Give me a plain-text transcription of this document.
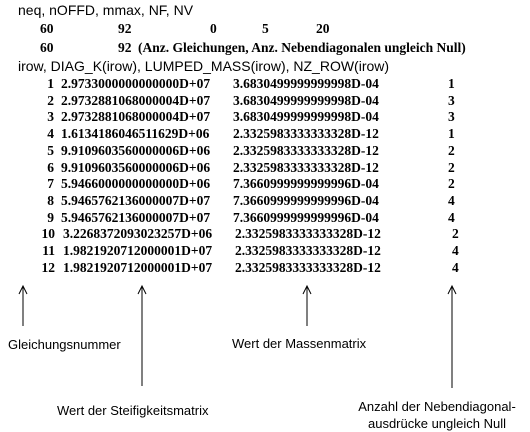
neq, nOFFD, mmax, NF, NV
60	92	0	5	20
60	92 (Anz. Gleichungen, Anz. Nebendiagonalen ungleich Null)
irow, DIAG_K(irow), LUMPED_MASS(irow), NZ_ROW(irow)
1 2.9733000000000000D+07 3.6830499999999998D-04	1
2 2.9732881068000004D+07 3.6830499999999998D-04	3
3 2.9732881068000004D+07 3.6830499999999998D-04	3
4 1.6134186046511629D+06 2.3325983333333328D-12	1
5 9.9109603560000006D+06 2.3325983333333328D-12	2
6 9.9109603560000006D+06 2.3325983333333328D-12	2
7 5.9466000000000000D+06 7.3660999999999996D-04	2
8 5.9465762136000007D+07 7.3660999999999996D-04	4
9 5.9465762136000007D+07 7.3660999999999996D-04	4
10 3.2268372093023257D+06 2.3325983333333328D-12	2
11 1.9821920712000001D+07 2.3325983333333328D-12	4
12 1.9821920712000001D+07 2.3325983333333328D-12	4
Gleichungsnummer	Wert der Massenmatrix
Wert der Steifigkeitsmatrix	Anzahl der Nebendiagonal-
ausdrücke ungleich Null
